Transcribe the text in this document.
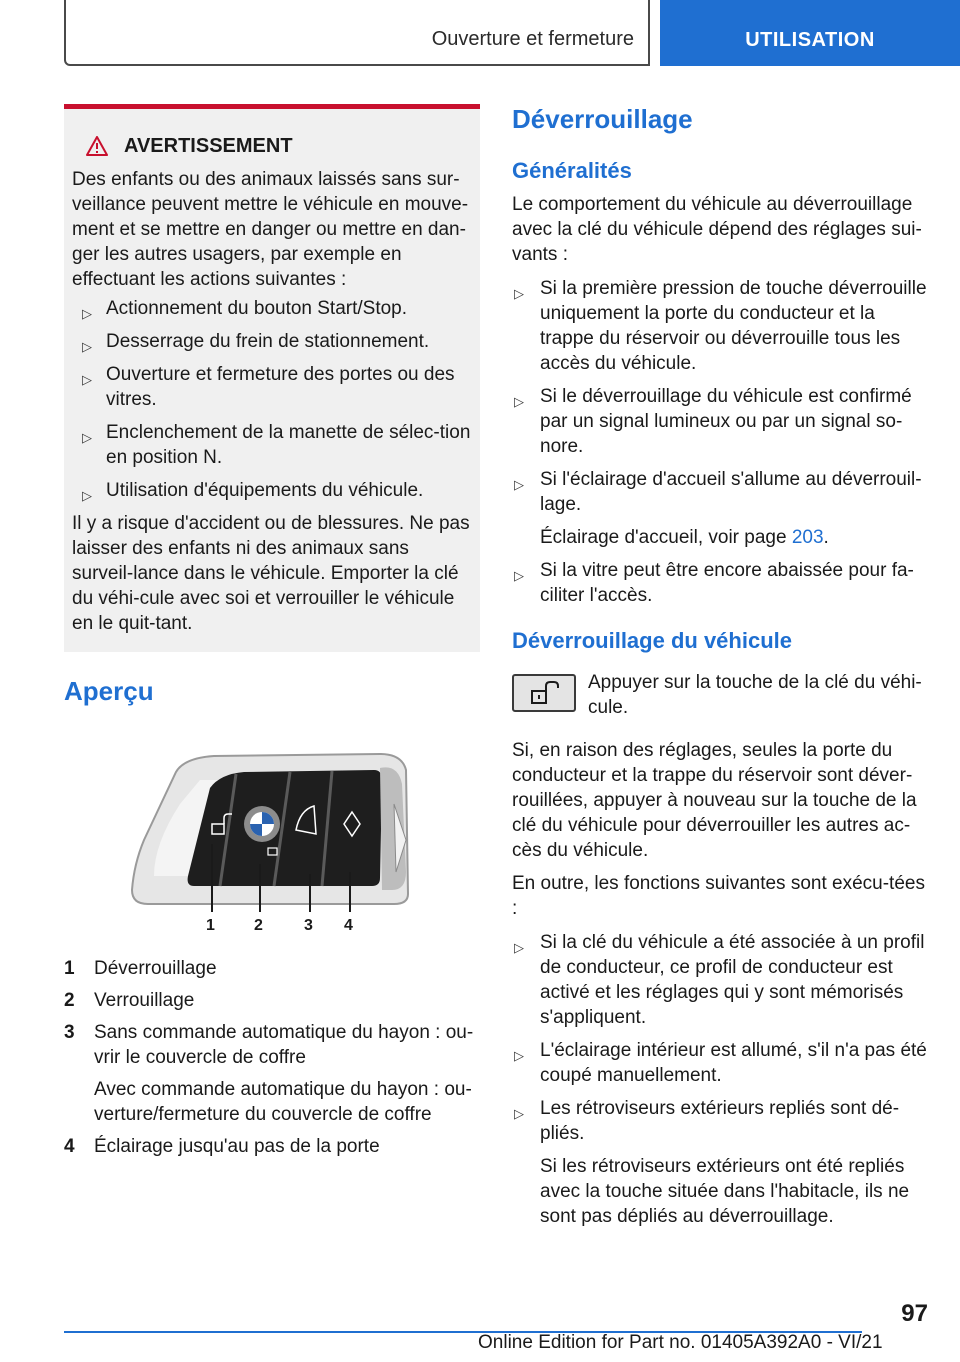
Ouverture et fermeture	UTILISATION
AVERTISSEMENT

Des enfants ou des animaux laissés sans sur-veillance peuvent mettre le véhicule en mouve-ment et se mettre en danger ou mettre en dan-ger les autres usagers, par exemple en effectuant les actions suivantes :

▷ Actionnement du bouton Start/Stop.
▷ Desserrage du frein de stationnement.
▷ Ouverture et fermeture des portes ou des vitres.
▷ Enclenchement de la manette de sélec-tion en position N.
▷ Utilisation d'équipements du véhicule.

Il y a risque d'accident ou de blessures. Ne pas laisser des enfants ni des animaux sans surveil-lance dans le véhicule. Emporter la clé du véhi-cule avec soi et verrouiller le véhicule en le quit-tant.

Aperçu
1 2	3 4
1	Déverrouillage
2	Verrouillage
3	Sans commande automatique du hayon : ou-vrir le couvercle de coffre
Avec commande automatique du hayon : ou-verture/fermeture du couvercle de coffre
4	Éclairage jusqu'au pas de la porte
Déverrouillage
Généralités

Le comportement du véhicule au déverrouillage avec la clé du véhicule dépend des réglages sui-vants :

▷ Si la première pression de touche déverrouille uniquement la porte du conducteur et la trappe du réservoir ou déverrouille tous les accès du véhicule.
▷ Si le déverrouillage du véhicule est confirmé par un signal lumineux ou par un signal so-nore.
▷ Si l'éclairage d'accueil s'allume au déverrouil-lage.
Éclairage d'accueil, voir page 203.
▷ Si la vitre peut être encore abaissée pour fa-ciliter l'accès.
Déverrouillage du véhicule

Appuyer sur la touche de la clé du véhi-cule.

Si, en raison des réglages, seules la porte du conducteur et la trappe du réservoir sont déver-rouillées, appuyer à nouveau sur la touche de la clé du véhicule pour déverrouiller les autres ac-cès du véhicule.

En outre, les fonctions suivantes sont exécu-tées :

▷ Si la clé du véhicule a été associée à un profil de conducteur, ce profil de conducteur est activé et les réglages qui y sont mémorisés s'appliquent.
▷ L'éclairage intérieur est allumé, s'il n'a pas été coupé manuellement.
▷ Les rétroviseurs extérieurs repliés sont dé-pliés.
Si les rétroviseurs extérieurs ont été repliés avec la touche située dans l'habitacle, ils ne sont pas dépliés au déverrouillage.
97
Online Edition for Part no. 01405A392A0 - VI/21
